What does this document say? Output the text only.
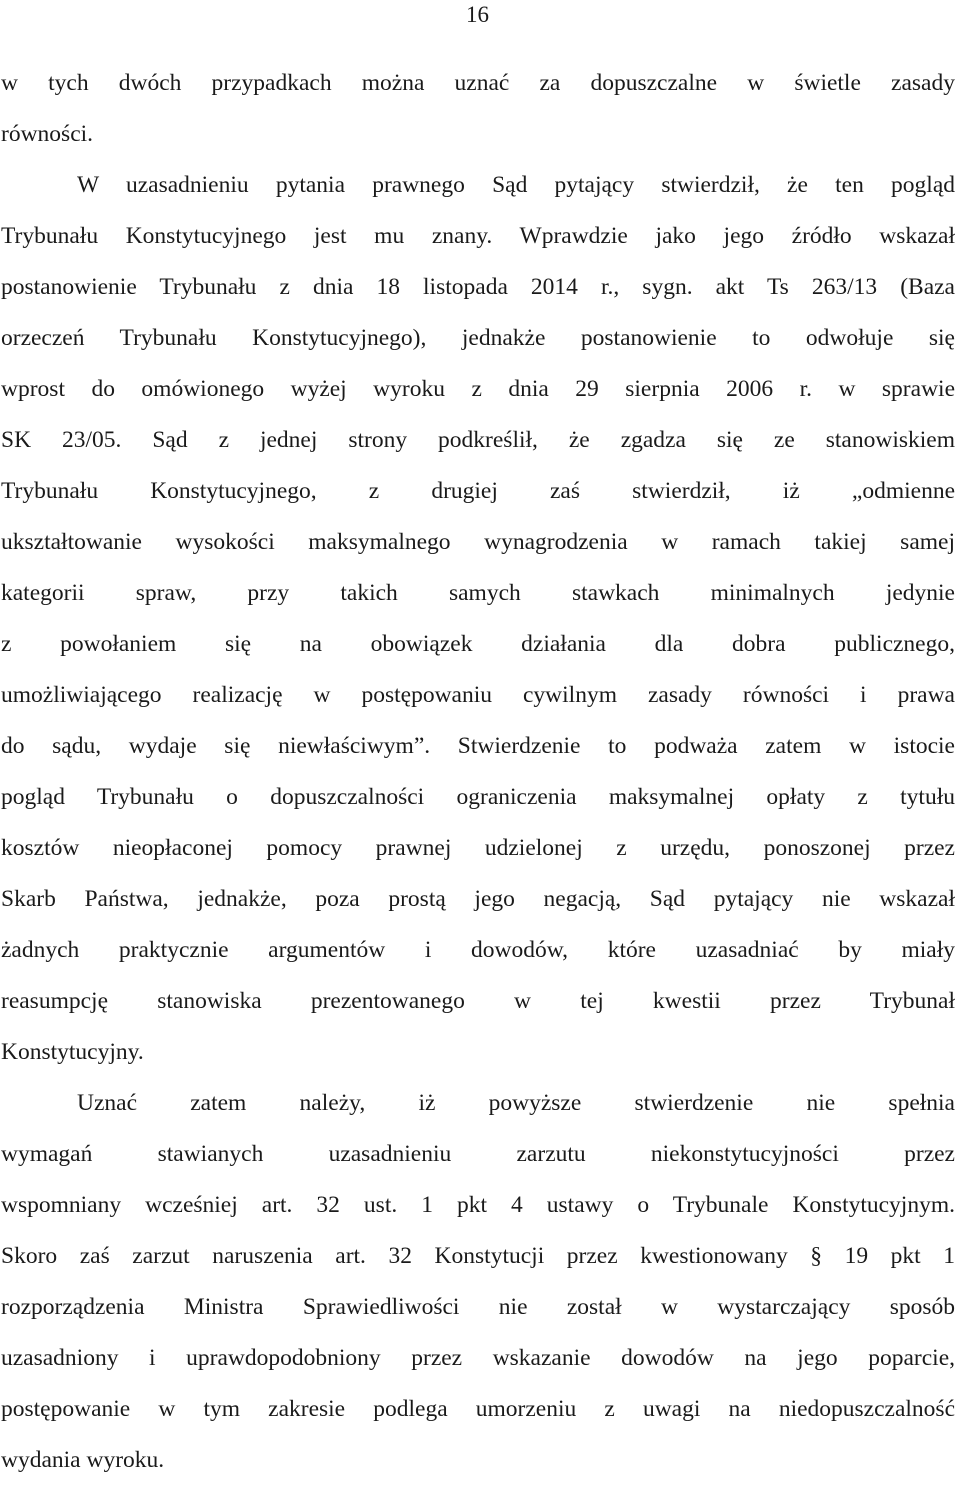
16
w tych dwóch przypadkach można uznać za dopuszczalne w świetle zasady
równości.
W uzasadnieniu pytania prawnego Sąd pytający stwierdził, że ten pogląd
Trybunału Konstytucyjnego jest mu znany. Wprawdzie jako jego źródło wskazał
postanowienie Trybunału z dnia 18 listopada 2014 r., sygn. akt Ts 263/13 (Baza
orzeczeń Trybunału Konstytucyjnego), jednakże postanowienie to odwołuje się
wprost do omówionego wyżej wyroku z dnia 29 sierpnia 2006 r. w sprawie
SK 23/05. Sąd z jednej strony podkreślił, że zgadza się ze stanowiskiem
Trybunału Konstytucyjnego, z drugiej zaś stwierdził, iż „odmienne
ukształtowanie wysokości maksymalnego wynagrodzenia w ramach takiej samej
kategorii spraw, przy takich samych stawkach minimalnych jedynie
z powołaniem się na obowiązek działania dla dobra publicznego,
umożliwiającego realizację w postępowaniu cywilnym zasady równości i prawa
do sądu, wydaje się niewłaściwym”. Stwierdzenie to podważa zatem w istocie
pogląd Trybunału o dopuszczalności ograniczenia maksymalnej opłaty z tytułu
kosztów nieopłaconej pomocy prawnej udzielonej z urzędu, ponoszonej przez
Skarb Państwa, jednakże, poza prostą jego negacją, Sąd pytający nie wskazał
żadnych praktycznie argumentów i dowodów, które uzasadniać by miały
reasumpcję stanowiska prezentowanego w tej kwestii przez Trybunał
Konstytucyjny.
Uznać zatem należy, iż powyższe stwierdzenie nie spełnia
wymagań stawianych uzasadnieniu zarzutu niekonstytucyjności przez
wspomniany wcześniej art. 32 ust. 1 pkt 4 ustawy o Trybunale Konstytucyjnym.
Skoro zaś zarzut naruszenia art. 32 Konstytucji przez kwestionowany § 19 pkt 1
rozporządzenia Ministra Sprawiedliwości nie został w wystarczający sposób
uzasadniony i uprawdopodobniony przez wskazanie dowodów na jego poparcie,
postępowanie w tym zakresie podlega umorzeniu z uwagi na niedopuszczalność
wydania wyroku.
